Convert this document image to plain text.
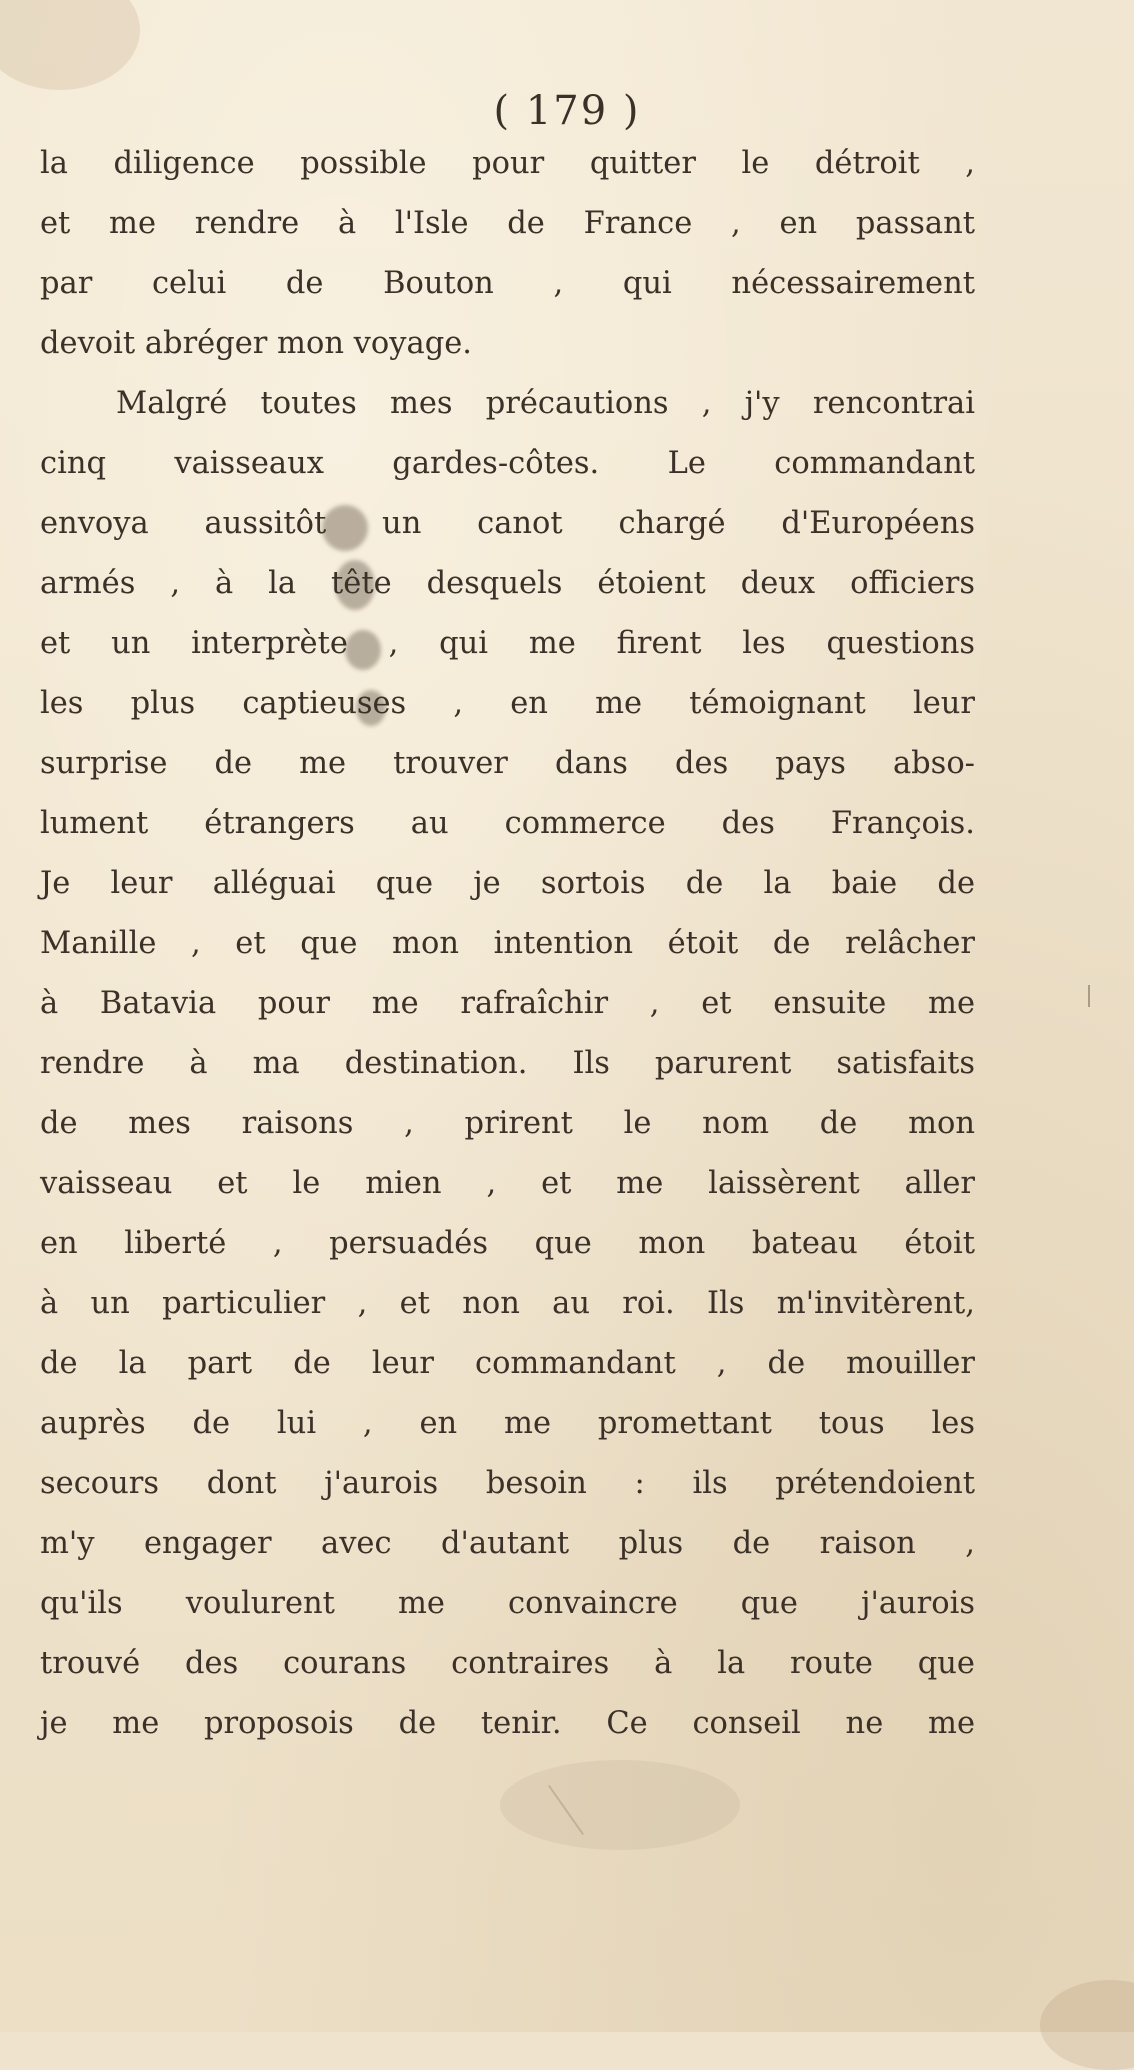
( 179 )
la diligence possible pour quitter le détroit ,
et me rendre à l'Isle de France , en passant
par celui de Bouton , qui nécessairement
devoit abréger mon voyage.
Malgré toutes mes précautions , j'y rencontrai
cinq vaisseaux gardes-côtes. Le commandant
envoya aussitôt un canot chargé d'Européens
armés , à la tête desquels étoient deux officiers
et un interprète , qui me firent les questions
les plus captieuses , en me témoignant leur
surprise de me trouver dans des pays abso-
lument étrangers au commerce des François.
Je leur alléguai que je sortois de la baie de
Manille , et que mon intention étoit de relâcher
à Batavia pour me rafraîchir , et ensuite me
rendre à ma destination. Ils parurent satisfaits
de mes raisons , prirent le nom de mon
vaisseau et le mien , et me laissèrent aller
en liberté , persuadés que mon bateau étoit
à un particulier , et non au roi. Ils m'invitèrent,
de la part de leur commandant , de mouiller
auprès de lui , en me promettant tous les
secours dont j'aurois besoin : ils prétendoient
m'y engager avec d'autant plus de raison ,
qu'ils voulurent me convaincre que j'aurois
trouvé des courans contraires à la route que
je me proposois de tenir. Ce conseil ne me
